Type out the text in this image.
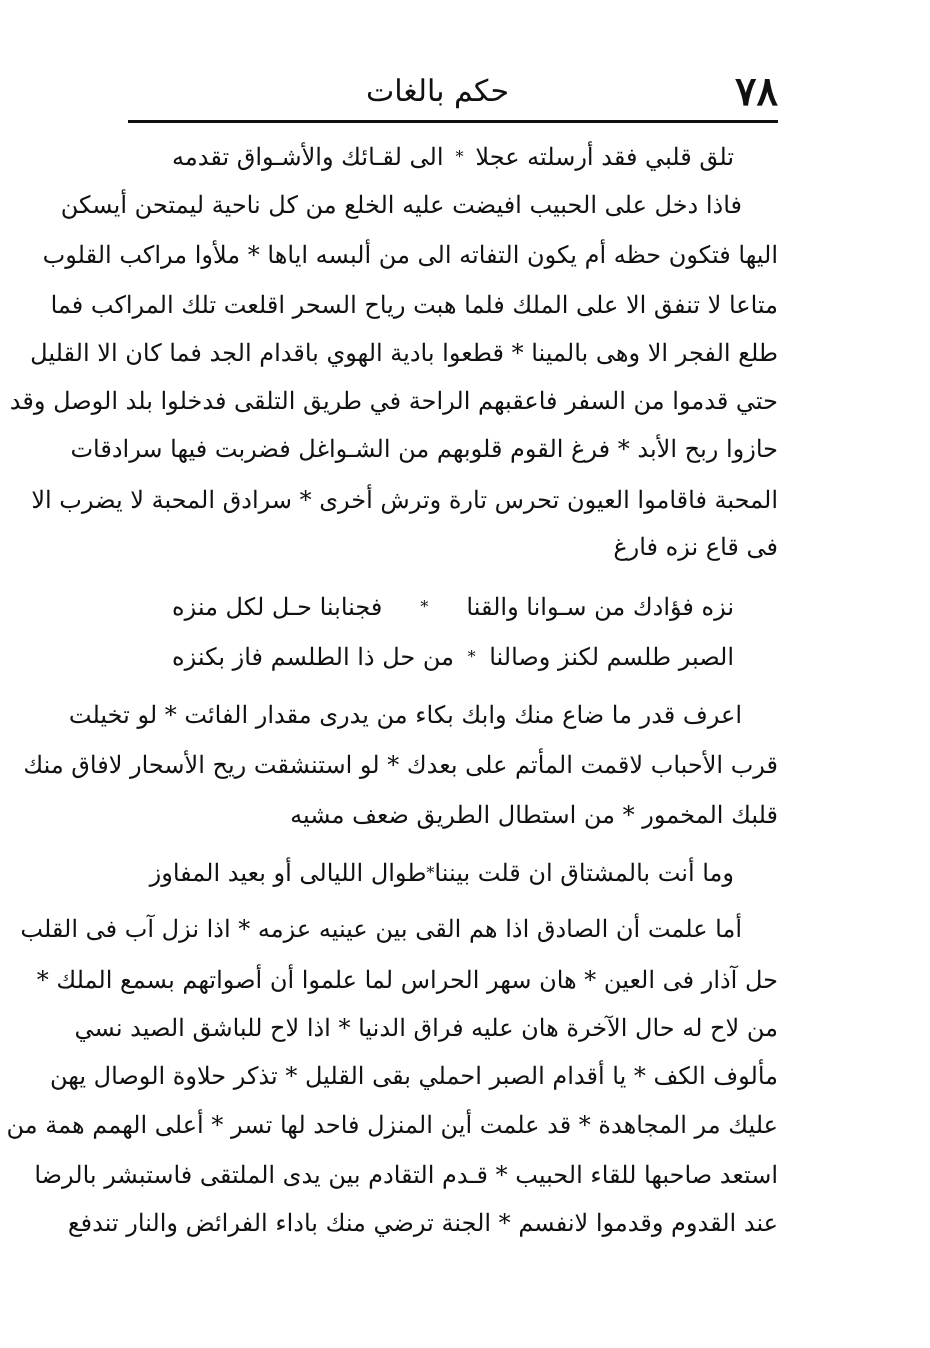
٧٨
حكم بالغات
تلق قلبي فقد أرسلته عجلا
*
الى لقـائك والأشـواق تقدمه
فاذا دخل على الحبيب افيضت عليه الخلع من كل ناحية ليمتحن أيسكن
اليها فتكون حظه أم يكون التفاته الى من ألبسه اياها * ملأوا مراكب القلوب
متاعا لا تنفق الا على الملك فلما هبت رياح السحر اقلعت تلك المراكب فما
طلع الفجر الا وهى بالمينا * قطعوا بادية الهوي باقدام الجد فما كان الا القليل
حتي قدموا من السفر فاعقبهم الراحة في طريق التلقى فدخلوا بلد الوصل وقد
حازوا ربح الأبد * فرغ القوم قلوبهم من الشـواغل فضربت فيها سرادقات
المحبة فاقاموا العيون تحرس تارة وترش أخرى * سرادق المحبة لا يضرب الا
فى قاع نزه فارغ
نزه فؤادك من سـوانا والقنا
*
فجنابنا حـل لكل منزه
الصبر طلسم لكنز وصالنا
*
من حل ذا الطلسم فاز بكنزه
اعرف قدر ما ضاع منك وابك بكاء من يدرى مقدار الفائت * لو تخيلت
قرب الأحباب لاقمت المأتم على بعدك * لو استنشقت ريح الأسحار لافاق منك
قلبك المخمور * من استطال الطريق ضعف مشيه
وما أنت بالمشتاق ان قلت بيننا
*
طوال الليالى أو بعيد المفاوز
أما علمت أن الصادق اذا هم القى بين عينيه عزمه * اذا نزل آب فى القلب
حل آذار فى العين * هان سهر الحراس لما علموا أن أصواتهم بسمع الملك *
من لاح له حال الآخرة هان عليه فراق الدنيا * اذا لاح للباشق الصيد نسي
مألوف الكف * يا أقدام الصبر احملي بقى القليل * تذكر حلاوة الوصال يهن
عليك مر المجاهدة * قد علمت أين المنزل فاحد لها تسر * أعلى الهمم همة من
استعد صاحبها للقاء الحبيب * قـدم التقادم بين يدى الملتقى فاستبشر بالرضا
عند القدوم وقدموا لانفسم * الجنة ترضي منك باداء الفرائض والنار تندفع
